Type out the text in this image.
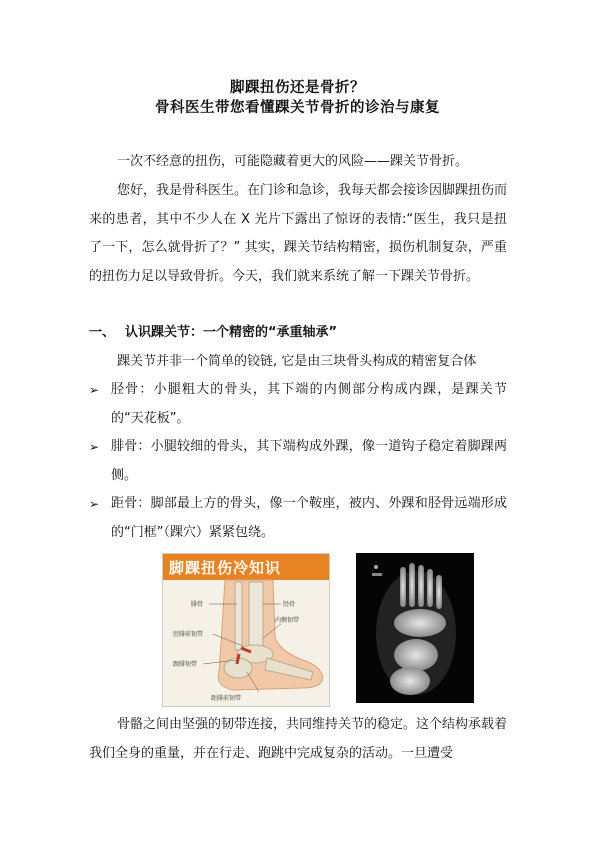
脚踝扭伤还是骨折？
骨科医生带您看懂踝关节骨折的诊治与康复
一次不经意的扭伤，可能隐藏着更大的风险——踝关节骨折。
您好，我是骨科医生。在门诊和急诊，我每天都会接诊因脚踝扭伤而来的患者，其中不少人在 X 光片下露出了惊讶的表情:“医生，我只是扭了一下，怎么就骨折了？” 其实，踝关节结构精密，损伤机制复杂，严重的扭伤力足以导致骨折。今天，我们就来系统了解一下踝关节骨折。
一、 认识踝关节：一个精密的“承重轴承”
踝关节并非一个简单的铰链, 它是由三块骨头构成的精密复合体
➢ 胫骨：小腿粗大的骨头，其下端的内侧部分构成内踝，是踝关节的“天花板”。
➢ 腓骨：小腿较细的骨头，其下端构成外踝，像一道钩子稳定着脚踝两侧。
➢ 距骨：脚部最上方的骨头，像一个鞍座，被内、外踝和胫骨远端形成的“门框”（踝穴）紧紧包绕。
脚踝扭伤冷知识
腓骨	胫骨
胫腓前韧带
内侧韧带
跟腓韧带
距腓前韧带
骨骼之间由坚强的韧带连接，共同维持关节的稳定。这个结构承载着我们全身的重量，并在行走、跑跳中完成复杂的活动。一旦遭受
